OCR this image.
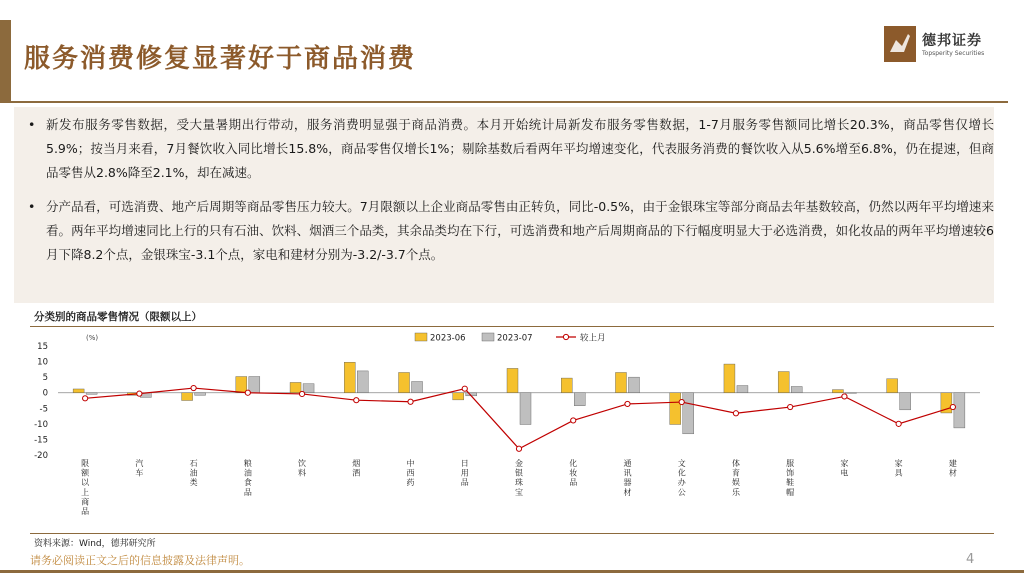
服务消费修复显著好于商品消费
德邦证券
Topsperity Securities
• 新发布服务零售数据，受大量暑期出行带动，服务消费明显强于商品消费。本月开始统计局新发布服务零售数据，1-7月服务零售额同比增长20.3%，商品零售仅增长5.9%；按当月来看，7月餐饮收入同比增长15.8%，商品零售仅增长1%；剔除基数后看两年平均增速变化，代表服务消费的餐饮收入从5.6%增至6.8%，仍在提速，但商品零售从2.8%降至2.1%，却在减速。
• 分产品看，可选消费、地产后周期等商品零售压力较大。7月限额以上企业商品零售由正转负，同比-0.5%，由于金银珠宝等部分商品去年基数较高，仍然以两年平均增速来看。两年平均增速同比上行的只有石油、饮料、烟酒三个品类，其余品类均在下行，可选消费和地产后周期商品的下行幅度明显大于必选消费，如化妆品的两年平均增速较6月下降8.2个点，金银珠宝-3.1个点，家电和建材分别为-3.2/-3.7个点。
分类别的商品零售情况（限额以上）
(%)
15
10
5
0
-5
-10
-15
-20
限额以上商品
汽车
石油类
粮油食品
饮料
烟酒
中西药
日用品
金银珠宝
化妆品
通讯器材
文化办公
体育娱乐
服饰鞋帽
家电
家具
建材
2023-06	2023-07	较上月
资料来源：Wind，德邦研究所
请务必阅读正文之后的信息披露及法律声明。	4
